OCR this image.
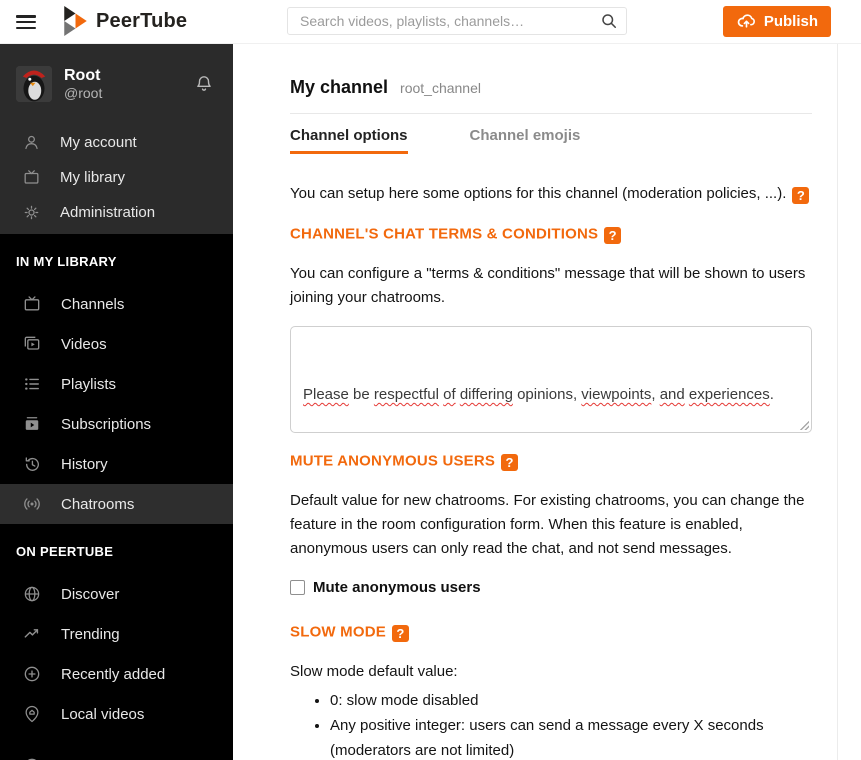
PeerTube
Search videos, playlists, channels…	Publish
Root
@root
My account
My library
Administration
IN MY LIBRARY
Channels
Videos
Playlists
Subscriptions
History
Chatrooms
ON PEERTUBE
Discover
Trending
Recently added
Local videos
My channel root_channel
Channel options	Channel emojis

You can setup here some options for this channel (moderation policies, ...). ?

CHANNEL'S CHAT TERMS & CONDITIONS ?

You can configure a "terms & conditions" message that will be shown to users joining your chatrooms.

Please be respectful of differing opinions, viewpoints, and experiences.

MUTE ANONYMOUS USERS ?

Default value for new chatrooms. For existing chatrooms, you can change the feature in the room configuration form. When this feature is enabled, anonymous users can only read the chat, and not send messages.

Mute anonymous users
SLOW MODE ?

Slow mode default value:

• 0: slow mode disabled
• Any positive integer: users can send a message every X seconds (moderators are not limited)
